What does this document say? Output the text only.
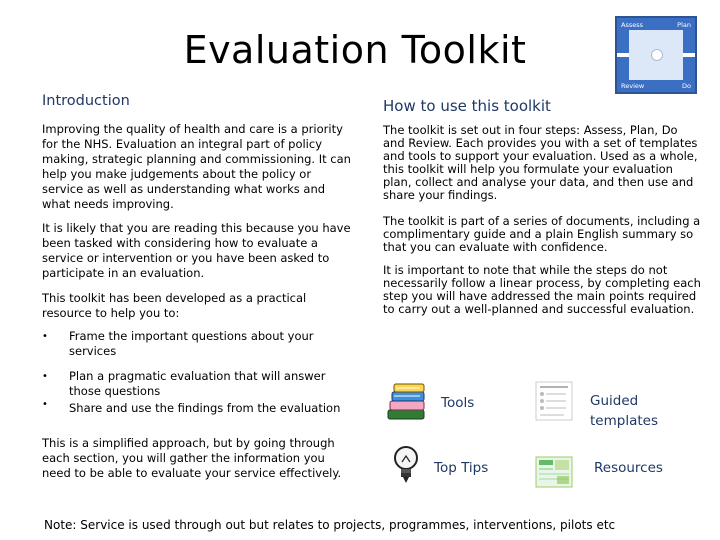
Evaluation Toolkit
Assess	Plan
Review	Do
Introduction
Improving the quality of health and care is a priority for the NHS. Evaluation an integral part of policy making, strategic planning and commissioning. It can help you make judgements about the policy or service as well as understanding what works and what needs improving.
It is likely that you are reading this because you have been tasked with considering how to evaluate a service or intervention or you have been asked to participate in an evaluation.
This toolkit has been developed as a practical resource to help you to:
• Frame the important questions about your services
• Plan a pragmatic evaluation that will answer those questions
• Share and use the findings from the evaluation
This is a simplified approach, but by going through each section, you will gather the information you need to be able to evaluate your service effectively.
How to use this toolkit
The toolkit is set out in four steps: Assess, Plan, Do and Review. Each provides you with a set of templates and tools to support your evaluation. Used as a whole, this toolkit will help you formulate your evaluation plan, collect and analyse your data, and then use and share your findings.
The toolkit is part of a series of documents, including a complimentary guide and a plain English summary so that you can evaluate with confidence.
It is important to note that while the steps do not necessarily follow a linear process, by completing each step you will have addressed the main points required to carry out a well-planned and successful evaluation.
Tools	Guided templates
Top Tips	Resources
Note: Service is used through out but relates to projects, programmes, interventions, pilots etc
